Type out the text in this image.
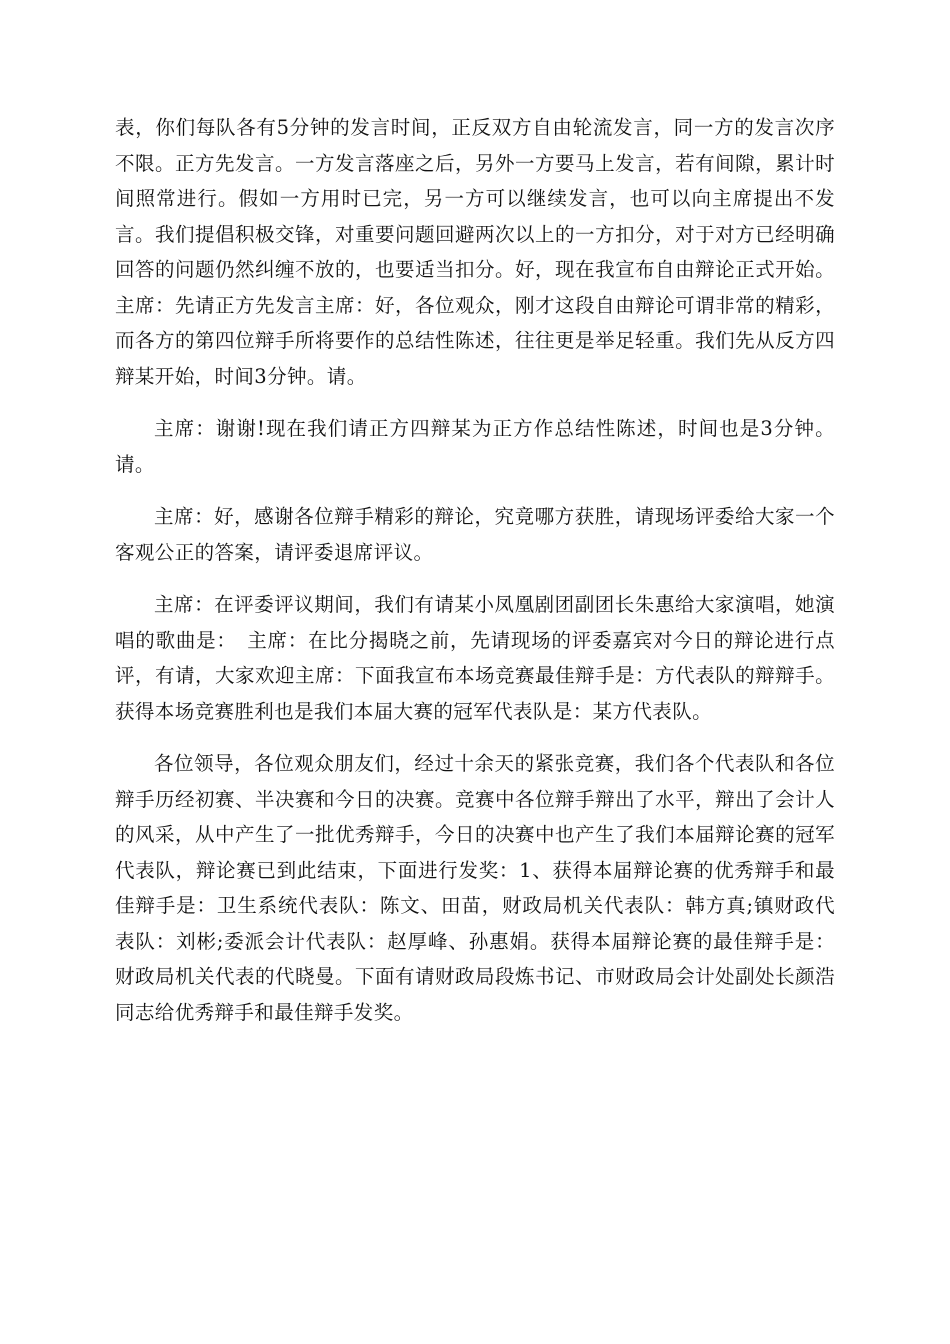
表，你们每队各有5分钟的发言时间，正反双方自由轮流发言，同一方的发言次序不限。正方先发言。一方发言落座之后，另外一方要马上发言，若有间隙，累计时间照常进行。假如一方用时已完，另一方可以继续发言，也可以向主席提出不发言。我们提倡积极交锋，对重要问题回避两次以上的一方扣分，对于对方已经明确回答的问题仍然纠缠不放的，也要适当扣分。好，现在我宣布自由辩论正式开始。主席：先请正方先发言主席：好，各位观众，刚才这段自由辩论可谓非常的精彩，而各方的第四位辩手所将要作的总结性陈述，往往更是举足轻重。我们先从反方四辩某开始，时间3分钟。请。

主席：谢谢!现在我们请正方四辩某为正方作总结性陈述，时间也是3分钟。请。

主席：好，感谢各位辩手精彩的辩论，究竟哪方获胜，请现场评委给大家一个客观公正的答案，请评委退席评议。

主席：在评委评议期间，我们有请某小凤凰剧团副团长朱惠给大家演唱，她演唱的歌曲是：　主席：在比分揭晓之前，先请现场的评委嘉宾对今日的辩论进行点评，有请，大家欢迎主席：下面我宣布本场竞赛最佳辩手是：方代表队的辩辩手。获得本场竞赛胜利也是我们本届大赛的冠军代表队是：某方代表队。

各位领导，各位观众朋友们，经过十余天的紧张竞赛，我们各个代表队和各位辩手历经初赛、半决赛和今日的决赛。竞赛中各位辩手辩出了水平，辩出了会计人的风采，从中产生了一批优秀辩手，今日的决赛中也产生了我们本届辩论赛的冠军代表队，辩论赛已到此结束，下面进行发奖：1、获得本届辩论赛的优秀辩手和最佳辩手是：卫生系统代表队：陈文、田苗，财政局机关代表队：韩方真;镇财政代表队：刘彬;委派会计代表队：赵厚峰、孙惠娟。获得本届辩论赛的最佳辩手是：财政局机关代表的代晓曼。下面有请财政局段炼书记、市财政局会计处副处长颜浩同志给优秀辩手和最佳辩手发奖。
